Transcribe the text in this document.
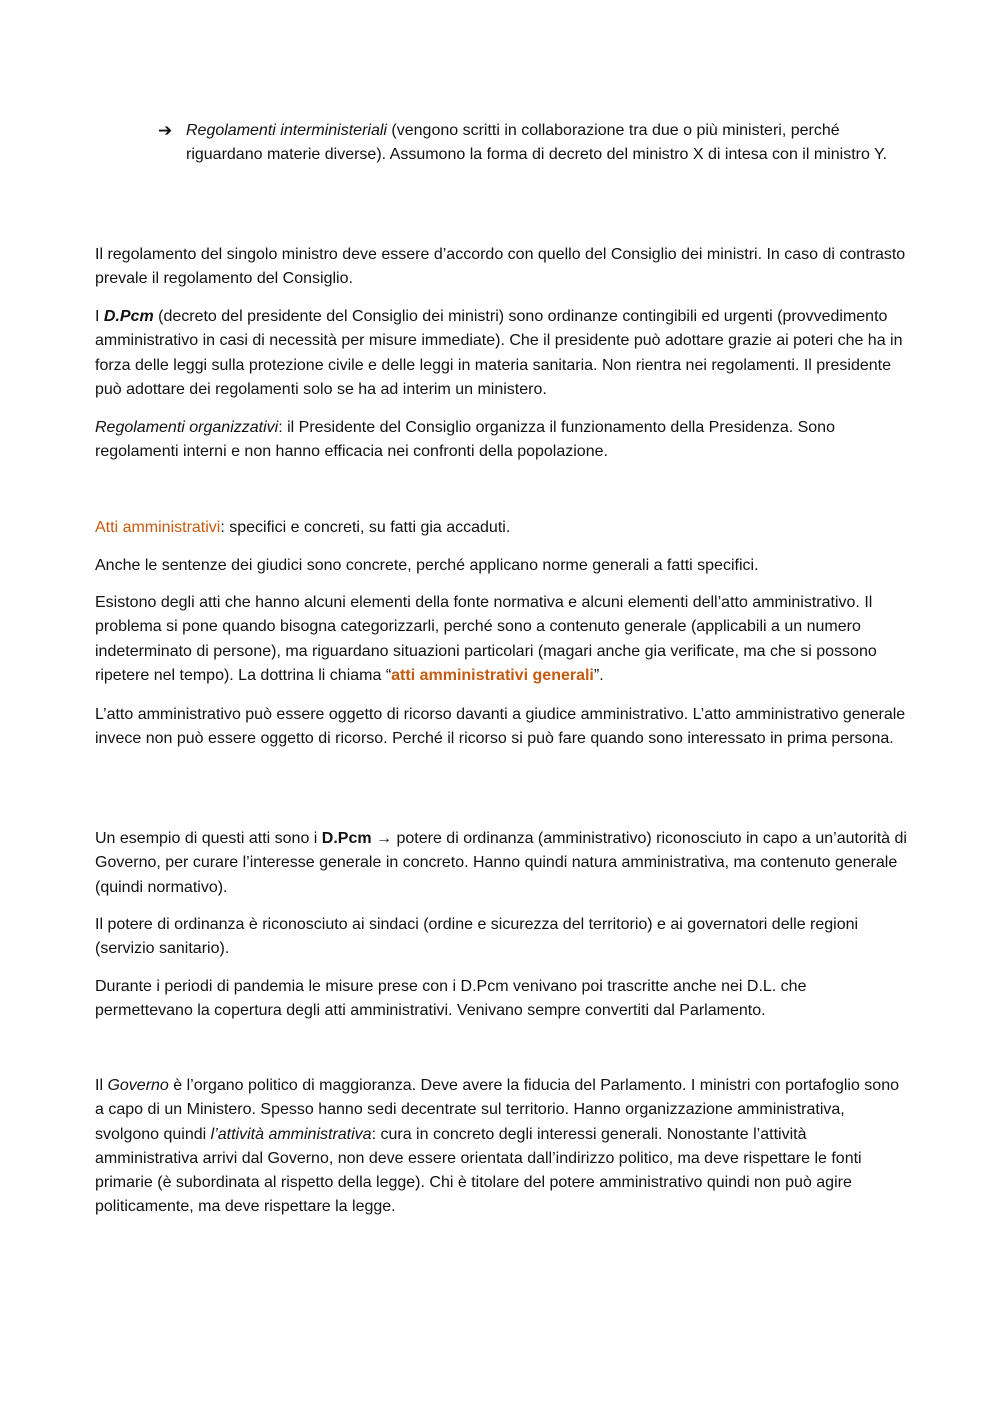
➔ Regolamenti interministeriali (vengono scritti in collaborazione tra due o più ministeri, perché riguardano materie diverse). Assumono la forma di decreto del ministro X di intesa con il ministro Y.

Il regolamento del singolo ministro deve essere d’accordo con quello del Consiglio dei ministri. In caso di contrasto prevale il regolamento del Consiglio.

I D.Pcm (decreto del presidente del Consiglio dei ministri) sono ordinanze contingibili ed urgenti (provvedimento amministrativo in casi di necessità per misure immediate). Che il presidente può adottare grazie ai poteri che ha in forza delle leggi sulla protezione civile e delle leggi in materia sanitaria. Non rientra nei regolamenti. Il presidente può adottare dei regolamenti solo se ha ad interim un ministero.

Regolamenti organizzativi: il Presidente del Consiglio organizza il funzionamento della Presidenza. Sono regolamenti interni e non hanno efficacia nei confronti della popolazione.

Atti amministrativi: specifici e concreti, su fatti gia accaduti.

Anche le sentenze dei giudici sono concrete, perché applicano norme generali a fatti specifici.

Esistono degli atti che hanno alcuni elementi della fonte normativa e alcuni elementi dell’atto amministrativo. Il problema si pone quando bisogna categorizzarli, perché sono a contenuto generale (applicabili a un numero indeterminato di persone), ma riguardano situazioni particolari (magari anche gia verificate, ma che si possono ripetere nel tempo). La dottrina li chiama “atti amministrativi generali”.

L’atto amministrativo può essere oggetto di ricorso davanti a giudice amministrativo. L’atto amministrativo generale invece non può essere oggetto di ricorso. Perché il ricorso si può fare quando sono interessato in prima persona.

Un esempio di questi atti sono i D.Pcm → potere di ordinanza (amministrativo) riconosciuto in capo a un’autorità di Governo, per curare l’interesse generale in concreto. Hanno quindi natura amministrativa, ma contenuto generale (quindi normativo).

Il potere di ordinanza è riconosciuto ai sindaci (ordine e sicurezza del territorio) e ai governatori delle regioni (servizio sanitario).

Durante i periodi di pandemia le misure prese con i D.Pcm venivano poi trascritte anche nei D.L. che permettevano la copertura degli atti amministrativi. Venivano sempre convertiti dal Parlamento.

Il Governo è l’organo politico di maggioranza. Deve avere la fiducia del Parlamento. I ministri con portafoglio sono a capo di un Ministero. Spesso hanno sedi decentrate sul territorio. Hanno organizzazione amministrativa, svolgono quindi l’attività amministrativa: cura in concreto degli interessi generali. Nonostante l’attività amministrativa arrivi dal Governo, non deve essere orientata dall’indirizzo politico, ma deve rispettare le fonti primarie (è subordinata al rispetto della legge). Chi è titolare del potere amministrativo quindi non può agire politicamente, ma deve rispettare la legge.
